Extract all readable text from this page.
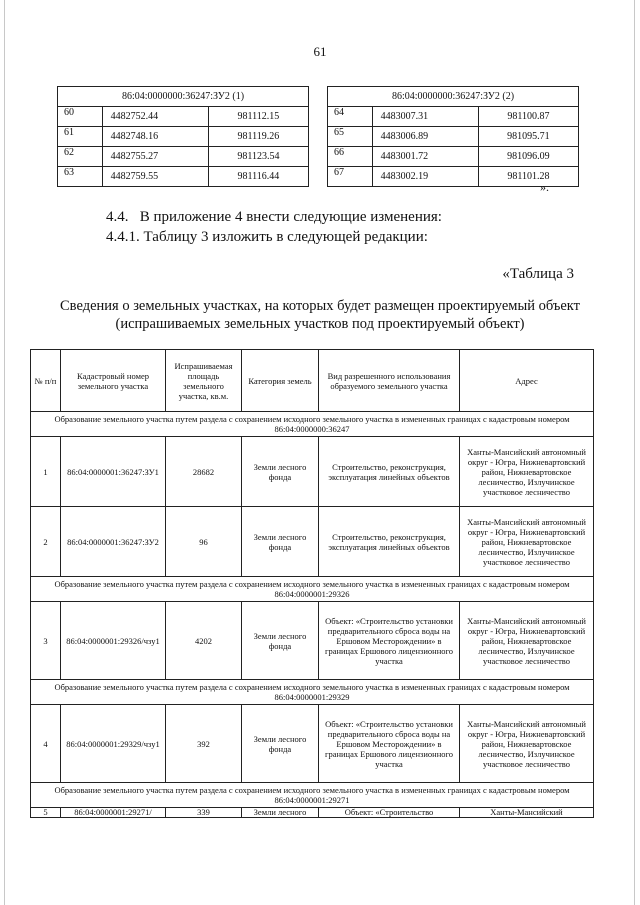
61
86:04:0000000:36247:ЗУ2 (1)		
60	4482752.44	981112.15
61	4482748.16	981119.26
62	4482755.27	981123.54
63	4482759.55	981116.44
86:04:0000000:36247:ЗУ2 (2)		
64	4483007.31	981100.87
65	4483006.89	981095.71
66	4483001.72	981096.09
67	4483002.19	981101.28
».
4.4.   В приложение 4 внести следующие изменения:
4.4.1. Таблицу 3 изложить в следующей редакции:
«Таблица 3
Сведения о земельных участках, на которых будет размещен проектируемый объект (испрашиваемых земельных участков под проектируемый объект)
№ п/п	Кадастровый номер земельного участка	Испрашиваемая площадь земельного участка, кв.м.	Категория земель	Вид разрешенного использования образуемого земельного участка	Адрес
Образование земельного участка путем раздела с сохранением исходного земельного участка в измененных границах с кадастровым номером 86:04:0000000:36247					
1	86:04:0000001:36247:ЗУ1	28682	Земли лесного фонда	Строительство, реконструкция, эксплуатация линейных объектов	Ханты-Мансийский автономный округ - Югра, Нижневартовский район, Нижневартовское лесничество, Излучинское участковое лесничество
2	86:04:0000001:36247:ЗУ2	96	Земли лесного фонда	Строительство, реконструкция, эксплуатация линейных объектов	Ханты-Мансийский автономный округ - Югра, Нижневартовский район, Нижневартовское лесничество, Излучинское участковое лесничество
Образование земельного участка путем раздела с сохранением исходного земельного участка в измененных границах с кадастровым номером 86:04:0000001:29326					
3	86:04:0000001:29326/чзу1	4202	Земли лесного фонда	Объект: «Строительство установки предварительного сброса воды на Ершовом Месторождении» в границах Ершового лицензионного участка	Ханты-Мансийский автономный округ - Югра, Нижневартовский район, Нижневартовское лесничество, Излучинское участковое лесничество
Образование земельного участка путем раздела с сохранением исходного земельного участка в измененных границах с кадастровым номером 86:04:0000001:29329					
4	86:04:0000001:29329/чзу1	392	Земли лесного фонда	Объект: «Строительство установки предварительного сброса воды на Ершовом Месторождении» в границах Ершового лицензионного участка	Ханты-Мансийский автономный округ - Югра, Нижневартовский район, Нижневартовское лесничество, Излучинское участковое лесничество
Образование земельного участка путем раздела с сохранением исходного земельного участка в измененных границах с кадастровым номером 86:04:0000001:29271					
5	86:04:0000001:29271/	339	Земли лесного	Объект: «Строительство	Ханты-Мансийский
